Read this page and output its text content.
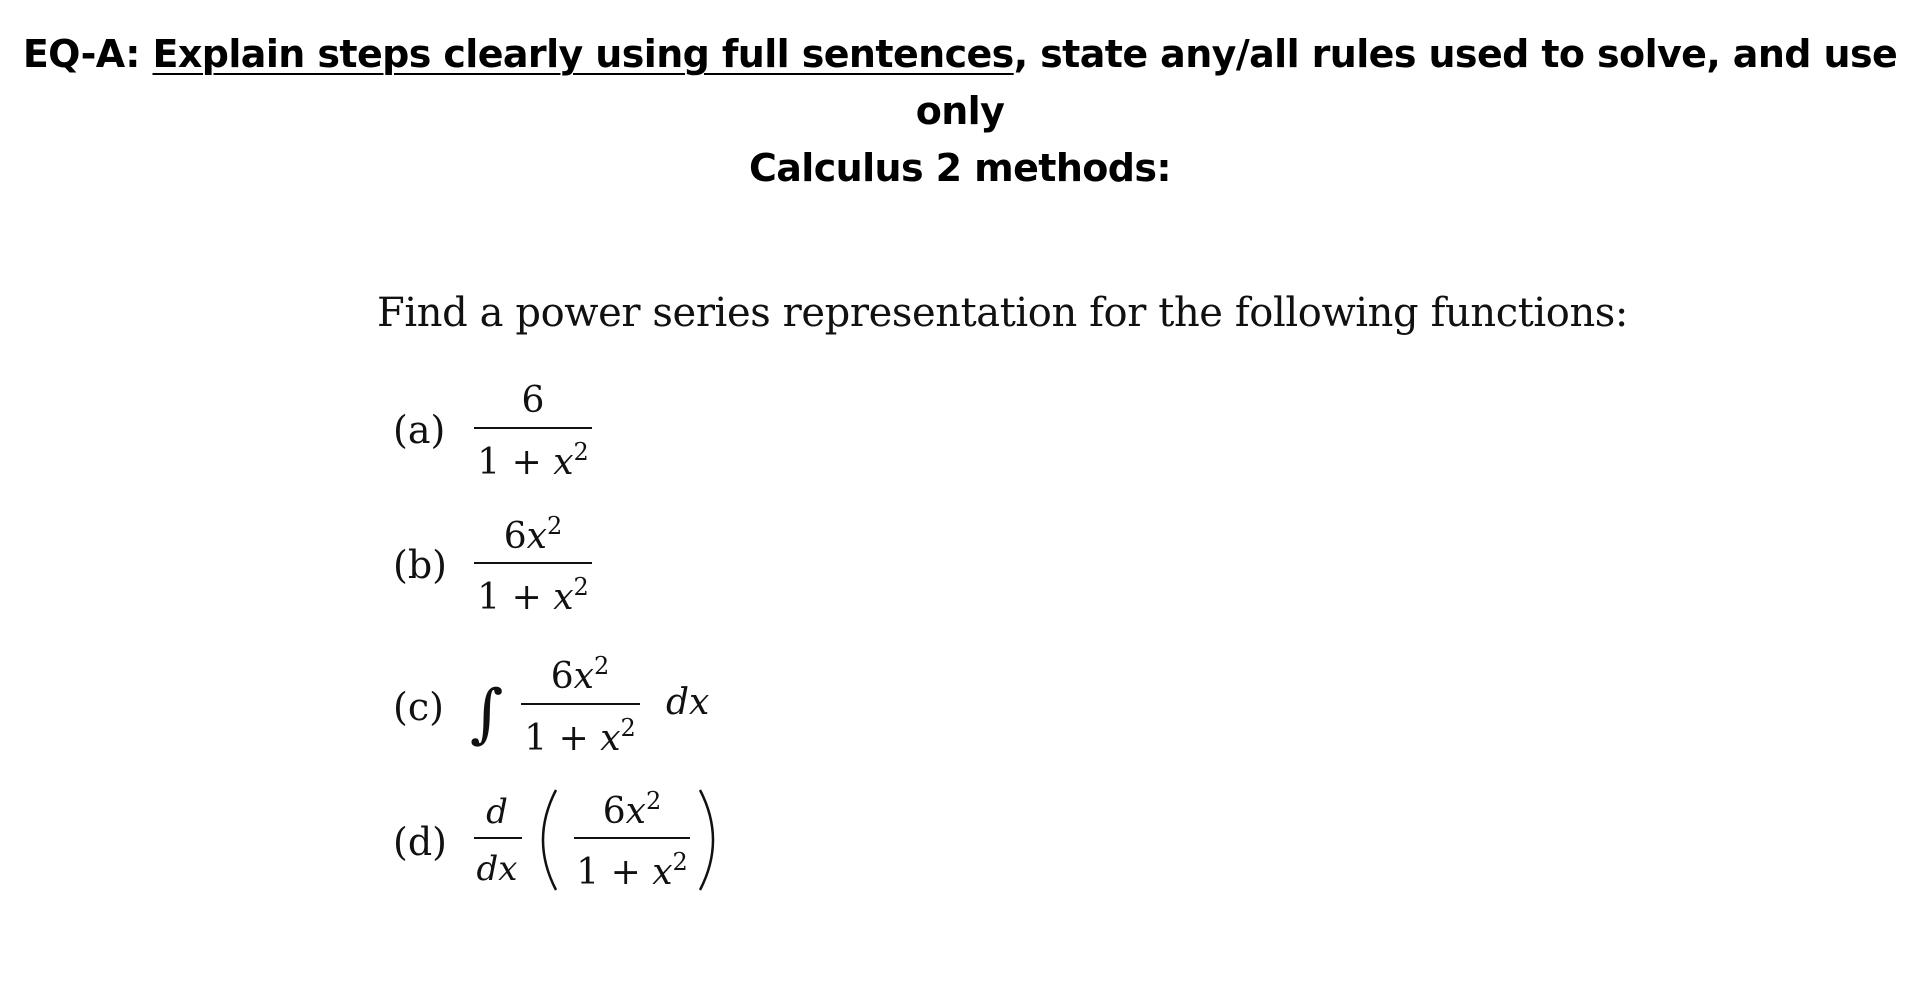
EQ-A: Explain steps clearly using full sentences, state any/all rules used to solve, and use only
Calculus 2 methods:
Find a power series representation for the following functions:
(a)
6
$1 + x^2$
(b)
$6x^2$
$1 + x^2$
(c) ∫
$6x^2$
$1 + x^2$
dx
(d)
d
dx
$6x^2$
$1 + x^2$
